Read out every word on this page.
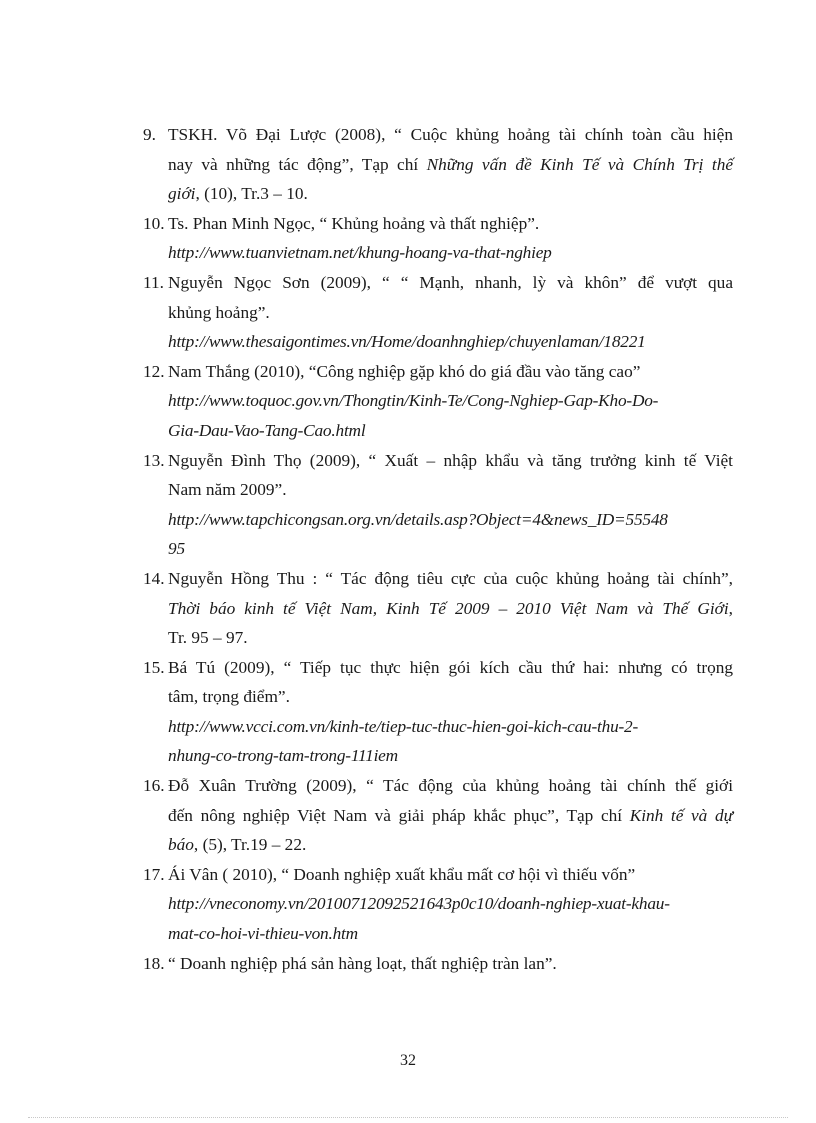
9. TSKH. Võ Đại Lược (2008), “ Cuộc khủng hoảng tài chính toàn cầu hiện
nay và những tác động”, Tạp chí Những vấn đề Kinh Tế và Chính Trị thế
giới, (10), Tr.3 – 10.
10. Ts. Phan Minh Ngọc, “ Khủng hoảng và thất nghiệp”.
http://www.tuanvietnam.net/khung-hoang-va-that-nghiep
11. Nguyễn Ngọc Sơn (2009), “ “ Mạnh, nhanh, lỳ và khôn” để vượt qua
khủng hoảng”.
http://www.thesaigontimes.vn/Home/doanhnghiep/chuyenlaman/18221
12. Nam Thắng (2010), “Công nghiệp gặp khó do giá đầu vào tăng cao”
http://www.toquoc.gov.vn/Thongtin/Kinh-Te/Cong-Nghiep-Gap-Kho-Do-
Gia-Dau-Vao-Tang-Cao.html
13. Nguyễn Đình Thọ (2009), “ Xuất – nhập khẩu và tăng trưởng kinh tế Việt
Nam năm 2009”.
http://www.tapchicongsan.org.vn/details.asp?Object=4&news_ID=55548
95
14. Nguyễn Hồng Thu : “ Tác động tiêu cực của cuộc khủng hoảng tài chính”,
Thời báo kinh tế Việt Nam, Kinh Tế 2009 – 2010 Việt Nam và Thế Giới,
Tr. 95 – 97.
15. Bá Tú (2009), “ Tiếp tục thực hiện gói kích cầu thứ hai: nhưng có trọng
tâm, trọng điểm”.
http://www.vcci.com.vn/kinh-te/tiep-tuc-thuc-hien-goi-kich-cau-thu-2-
nhung-co-trong-tam-trong-111iem
16. Đỗ Xuân Trường (2009), “ Tác động của khủng hoảng tài chính thế giới
đến nông nghiệp Việt Nam và giải pháp khắc phục”, Tạp chí Kinh tế và dự
báo, (5), Tr.19 – 22.
17. Ái Vân ( 2010), “ Doanh nghiệp xuất khẩu mất cơ hội vì thiếu vốn”
http://vneconomy.vn/20100712092521643p0c10/doanh-nghiep-xuat-khau-
mat-co-hoi-vi-thieu-von.htm
18. “ Doanh nghiệp phá sản hàng loạt, thất nghiệp tràn lan”.
32
